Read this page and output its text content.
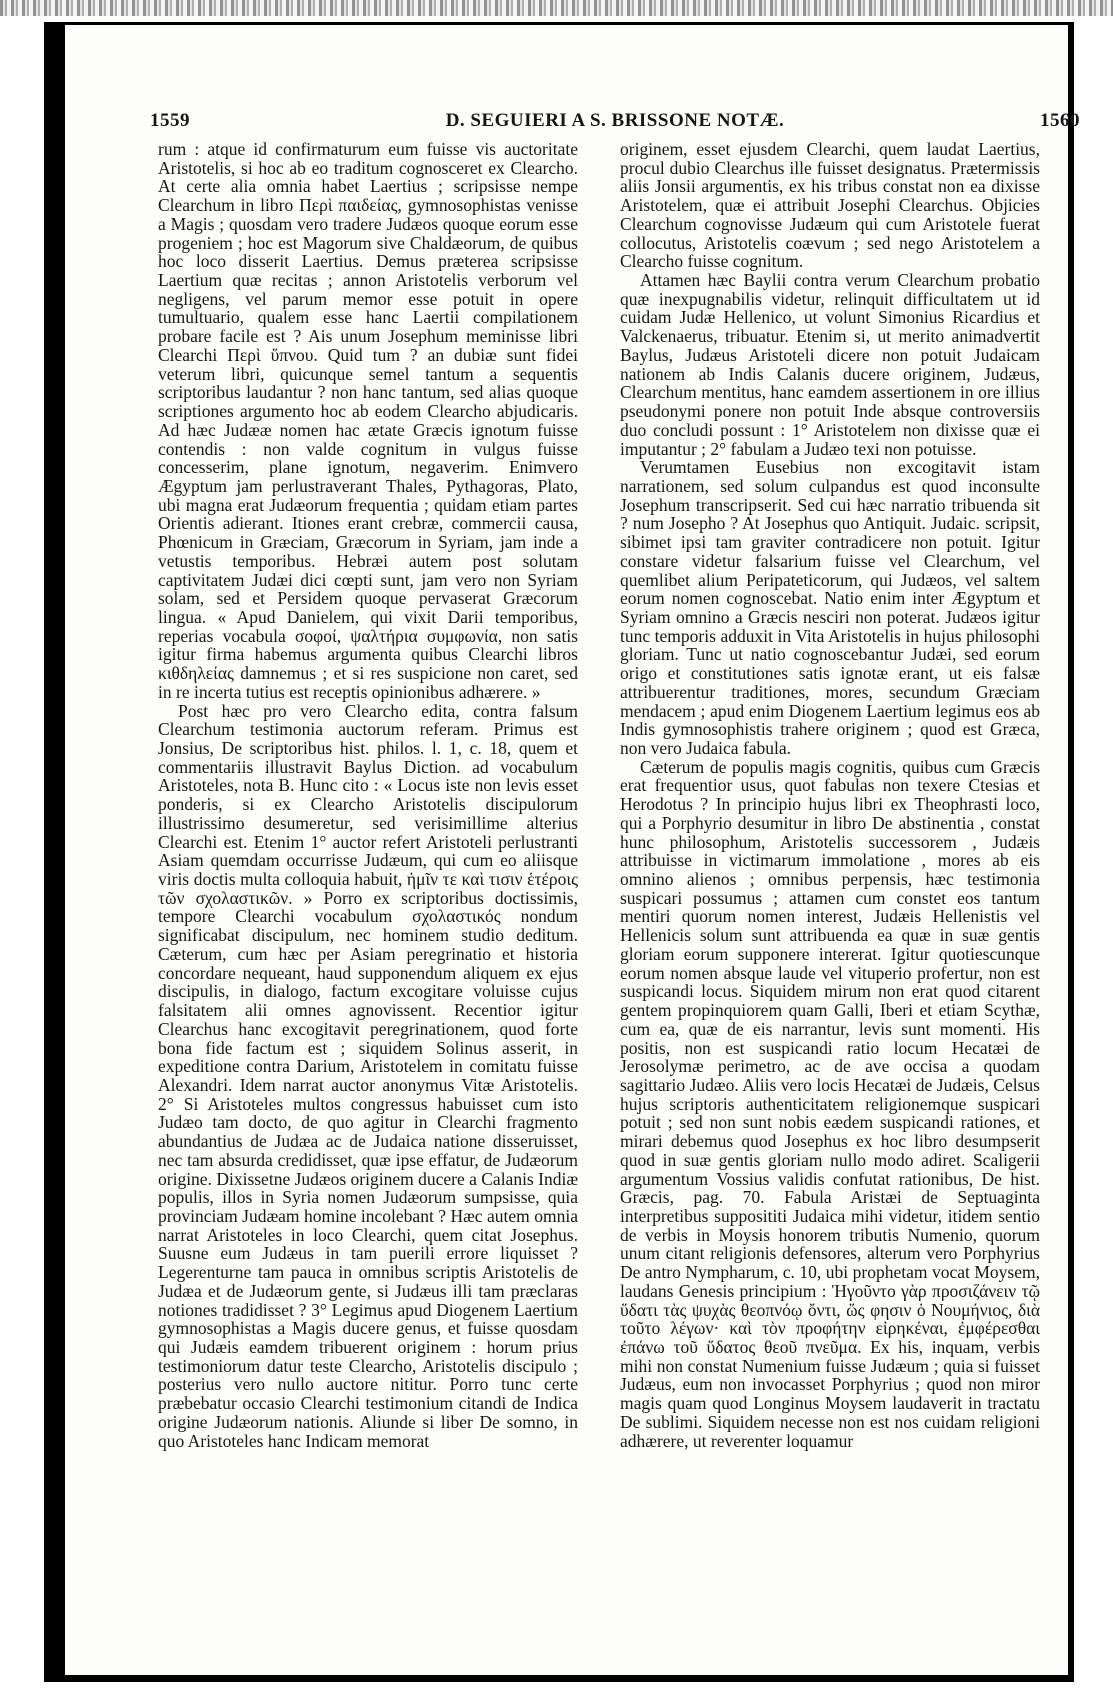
1559	D. SEGUIERI A S. BRISSONE NOTÆ.	1560

rum : atque id confirmaturum eum fuisse vis auctoritate Aristotelis, si hoc ab eo traditum cognosceret ex Clearcho. At certe alia omnia habet Laertius ; scripsisse nempe Clearchum in libro Περὶ παιδείας, gymnosophistas venisse a Magis ; quosdam vero tradere Judæos quoque eorum esse progeniem ; hoc est Magorum sive Chaldæorum, de quibus hoc loco disserit Laertius. Demus præterea scripsisse Laertium quæ recitas ; annon Aristotelis verborum vel negligens, vel parum memor esse potuit in opere tumultuario, qualem esse hanc Laertii compilationem probare facile est ? Ais unum Josephum meminisse libri Clearchi Περὶ ὕπνου. Quid tum ? an dubiæ sunt fidei veterum libri, quicunque semel tantum a sequentis scriptoribus laudantur ? non hanc tantum, sed alias quoque scriptiones argumento hoc ab eodem Clearcho abjudicaris. Ad hæc Judææ nomen hac ætate Græcis ignotum fuisse contendis : non valde cognitum in vulgus fuisse concesserim, plane ignotum, negaverim. Enimvero Ægyptum jam perlustraverant Thales, Pythagoras, Plato, ubi magna erat Judæorum frequentia ; quidam etiam partes Orientis adierant. Itiones erant crebræ, commercii causa, Phœnicum in Græciam, Græcorum in Syriam, jam inde a vetustis temporibus. Hebræi autem post solutam captivitatem Judæi dici cœpti sunt, jam vero non Syriam solam, sed et Persidem quoque pervaserat Græcorum lingua. « Apud Danielem, qui vixit Darii temporibus, reperias vocabula σοφοί, ψαλτήρια συμφωνία, non satis igitur firma habemus argumenta quibus Clearchi libros κιθδηλείας damnemus ; et si res suspicione non caret, sed in re incerta tutius est receptis opinionibus adhærere. »

Post hæc pro vero Clearcho edita, contra falsum Clearchum testimonia auctorum referam. Primus est Jonsius, De scriptoribus hist. philos. l. 1, c. 18, quem et commentariis illustravit Baylus Diction. ad vocabulum Aristoteles, nota B. Hunc cito : « Locus iste non levis esset ponderis, si ex Clearcho Aristotelis discipulorum illustrissimo desumeretur, sed verisimillime alterius Clearchi est. Etenim 1° auctor refert Aristoteli perlustranti Asiam quemdam occurrisse Judæum, qui cum eo aliisque viris doctis multa colloquia habuit, ἡμῖν τε καὶ τισιν ἑτέροις τῶν σχολαστικῶν. » Porro ex scriptoribus doctissimis, tempore Clearchi vocabulum σχολαστικός nondum significabat discipulum, nec hominem studio deditum. Cæterum, cum hæc per Asiam peregrinatio et historia concordare nequeant, haud supponendum aliquem ex ejus discipulis, in dialogo, factum excogitare voluisse cujus falsitatem alii omnes agnovissent. Recentior igitur Clearchus hanc excogitavit peregrinationem, quod forte bona fide factum est ; siquidem Solinus asserit, in expeditione contra Darium, Aristotelem in comitatu fuisse Alexandri. Idem narrat auctor anonymus Vitæ Aristotelis. 2° Si Aristoteles multos congressus habuisset cum isto Judæo tam docto, de quo agitur in Clearchi fragmento abundantius de Judæa ac de Judaica natione disseruisset, nec tam absurda credidisset, quæ ipse effatur, de Judæorum origine. Dixissetne Judæos originem ducere a Calanis Indiæ populis, illos in Syria nomen Judæorum sumpsisse, quia provinciam Judæam homine incolebant ? Hæc autem omnia narrat Aristoteles in loco Clearchi, quem citat Josephus. Suusne eum Judæus in tam puerili errore liquisset ? Legerenturne tam pauca in omnibus scriptis Aristotelis de Judæa et de Judæorum gente, si Judæus illi tam præclaras notiones tradidisset ? 3° Legimus apud Diogenem Laertium gymnosophistas a Magis ducere genus, et fuisse quosdam qui Judæis eamdem tribuerent originem : horum prius testimoniorum datur teste Clearcho, Aristotelis discipulo ; posterius vero nullo auctore nititur. Porro tunc certe præbebatur occasio Clearchi testimonium citandi de Indica origine Judæorum nationis. Aliunde si liber De somno, in quo Aristoteles hanc Indicam memorat

originem, esset ejusdem Clearchi, quem laudat Laertius, procul dubio Clearchus ille fuisset designatus. Prætermissis aliis Jonsii argumentis, ex his tribus constat non ea dixisse Aristotelem, quæ ei attribuit Josephi Clearchus. Objicies Clearchum cognovisse Judæum qui cum Aristotele fuerat collocutus, Aristotelis coævum ; sed nego Aristotelem a Clearcho fuisse cognitum.

Attamen hæc Baylii contra verum Clearchum probatio quæ inexpugnabilis videtur, relinquit difficultatem ut id cuidam Judæ Hellenico, ut volunt Simonius Ricardius et Valckenaerus, tribuatur. Etenim si, ut merito animadvertit Baylus, Judæus Aristoteli dicere non potuit Judaicam nationem ab Indis Calanis ducere originem, Judæus, Clearchum mentitus, hanc eamdem assertionem in ore illius pseudonymi ponere non potuit Inde absque controversiis duo concludi possunt : 1° Aristotelem non dixisse quæ ei imputantur ; 2° fabulam a Judæo texi non potuisse.

Verumtamen Eusebius non excogitavit istam narrationem, sed solum culpandus est quod inconsulte Josephum transcripserit. Sed cui hæc narratio tribuenda sit ? num Josepho ? At Josephus quo Antiquit. Judaic. scripsit, sibimet ipsi tam graviter contradicere non potuit. Igitur constare videtur falsarium fuisse vel Clearchum, vel quemlibet alium Peripateticorum, qui Judæos, vel saltem eorum nomen cognoscebat. Natio enim inter Ægyptum et Syriam omnino a Græcis nesciri non poterat. Judæos igitur tunc temporis adduxit in Vita Aristotelis in hujus philosophi gloriam. Tunc ut natio cognoscebantur Judæi, sed eorum origo et constitutiones satis ignotæ erant, ut eis falsæ attribuerentur traditiones, mores, secundum Græciam mendacem ; apud enim Diogenem Laertium legimus eos ab Indis gymnosophistis trahere originem ; quod est Græca, non vero Judaica fabula.

Cæterum de populis magis cognitis, quibus cum Græcis erat frequentior usus, quot fabulas non texere Ctesias et Herodotus ? In principio hujus libri ex Theophrasti loco, qui a Porphyrio desumitur in libro De abstinentia , constat hunc philosophum, Aristotelis successorem , Judæis attribuisse in victimarum immolatione , mores ab eis omnino alienos ; omnibus perpensis, hæc testimonia suspicari possumus ; attamen cum constet eos tantum mentiri quorum nomen interest, Judæis Hellenistis vel Hellenicis solum sunt attribuenda ea quæ in suæ gentis gloriam eorum supponere intererat. Igitur quotiescunque eorum nomen absque laude vel vituperio profertur, non est suspicandi locus. Siquidem mirum non erat quod citarent gentem propinquiorem quam Galli, Iberi et etiam Scythæ, cum ea, quæ de eis narrantur, levis sunt momenti. His positis, non est suspicandi ratio locum Hecatæi de Jerosolymæ perimetro, ac de ave occisa a quodam sagittario Judæo. Aliis vero locis Hecatæi de Judæis, Celsus hujus scriptoris authenticitatem religionemque suspicari potuit ; sed non sunt nobis eædem suspicandi rationes, et mirari debemus quod Josephus ex hoc libro desumpserit quod in suæ gentis gloriam nullo modo adiret. Scaligerii argumentum Vossius validis confutat rationibus, De hist. Græcis, pag. 70. Fabula Aristæi de Septuaginta interpretibus supposititi Judaica mihi videtur, itidem sentio de verbis in Moysis honorem tributis Numenio, quorum unum citant religionis defensores, alterum vero Porphyrius De antro Nympharum, c. 10, ubi prophetam vocat Moysem, laudans Genesis principium : Ἡγοῦντο γὰρ προσιζάνειν τῷ ὕδατι τὰς ψυχὰς θεοπνόῳ ὄντι, ὥς φησιν ὁ Νουμήνιος, διὰ τοῦτο λέγων· καὶ τὸν προφήτην εἰρηκέναι, ἐμφέρεσθαι ἐπάνω τοῦ ὕδατος θεοῦ πνεῦμα. Ex his, inquam, verbis mihi non constat Numenium fuisse Judæum ; quia si fuisset Judæus, eum non invocasset Porphyrius ; quod non miror magis quam quod Longinus Moysem laudaverit in tractatu De sublimi. Siquidem necesse non est nos cuidam religioni adhærere, ut reverenter loquamur
